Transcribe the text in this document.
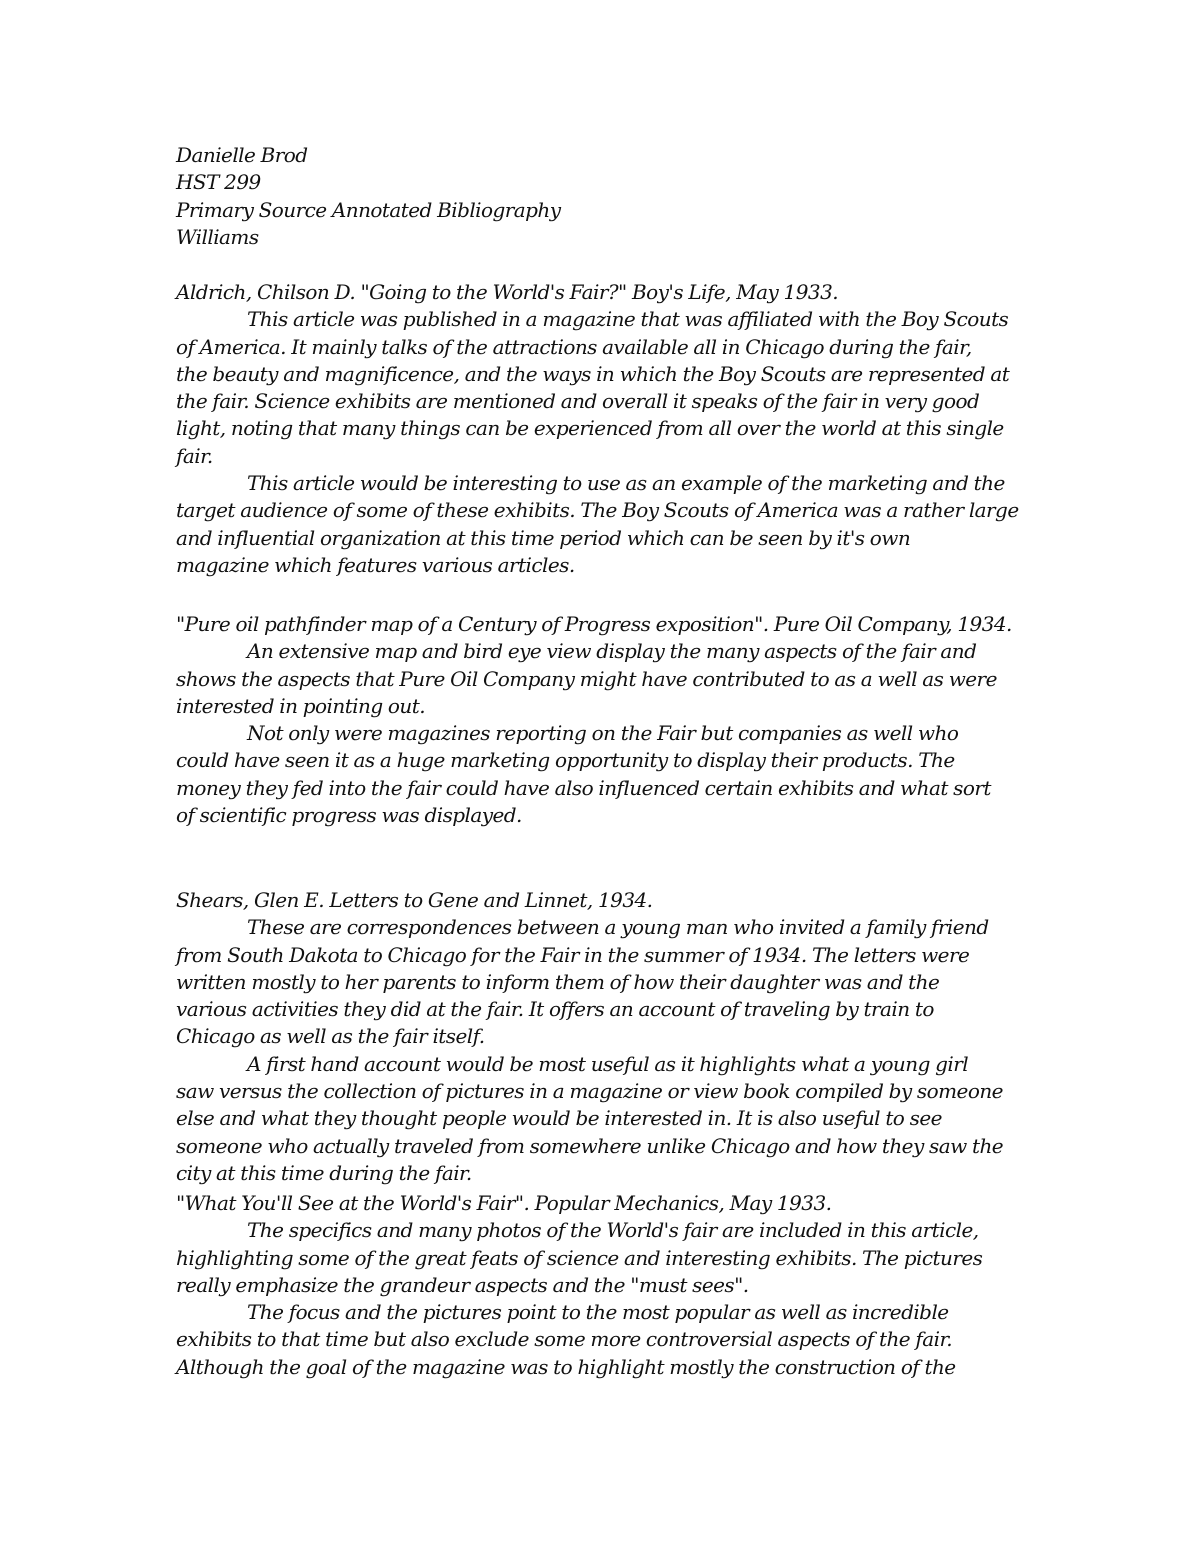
Danielle Brod
HST 299
Primary Source Annotated Bibliography
Williams
Aldrich, Chilson D. "Going to the World's Fair?" Boy's Life, May 1933.
This article was published in a magazine that was affiliated with the Boy Scouts
of America. It mainly talks of the attractions available all in Chicago during the fair,
the beauty and magnificence, and the ways in which the Boy Scouts are represented at
the fair. Science exhibits are mentioned and overall it speaks of the fair in very good
light, noting that many things can be experienced from all over the world at this single
fair.
This article would be interesting to use as an example of the marketing and the
target audience of some of these exhibits. The Boy Scouts of America was a rather large
and influential organization at this time period which can be seen by it's own
magazine which features various articles.
"Pure oil pathfinder map of a Century of Progress exposition". Pure Oil Company, 1934.
An extensive map and bird eye view display the many aspects of the fair and
shows the aspects that Pure Oil Company might have contributed to as a well as were
interested in pointing out.
Not only were magazines reporting on the Fair but companies as well who
could have seen it as a huge marketing opportunity to display their products. The
money they fed into the fair could have also influenced certain exhibits and what sort
of scientific progress was displayed.
Shears, Glen E. Letters to Gene and Linnet, 1934.
These are correspondences between a young man who invited a family friend
from South Dakota to Chicago for the Fair in the summer of 1934. The letters were
written mostly to her parents to inform them of how their daughter was and the
various activities they did at the fair. It offers an account of traveling by train to
Chicago as well as the fair itself.
A first hand account would be most useful as it highlights what a young girl
saw versus the collection of pictures in a magazine or view book compiled by someone
else and what they thought people would be interested in. It is also useful to see
someone who actually traveled from somewhere unlike Chicago and how they saw the
city at this time during the fair.
"What You'll See at the World's Fair". Popular Mechanics, May 1933.
The specifics and many photos of the World's fair are included in this article,
highlighting some of the great feats of science and interesting exhibits. The pictures
really emphasize the grandeur aspects and the "must sees".
The focus and the pictures point to the most popular as well as incredible
exhibits to that time but also exclude some more controversial aspects of the fair.
Although the goal of the magazine was to highlight mostly the construction of the
